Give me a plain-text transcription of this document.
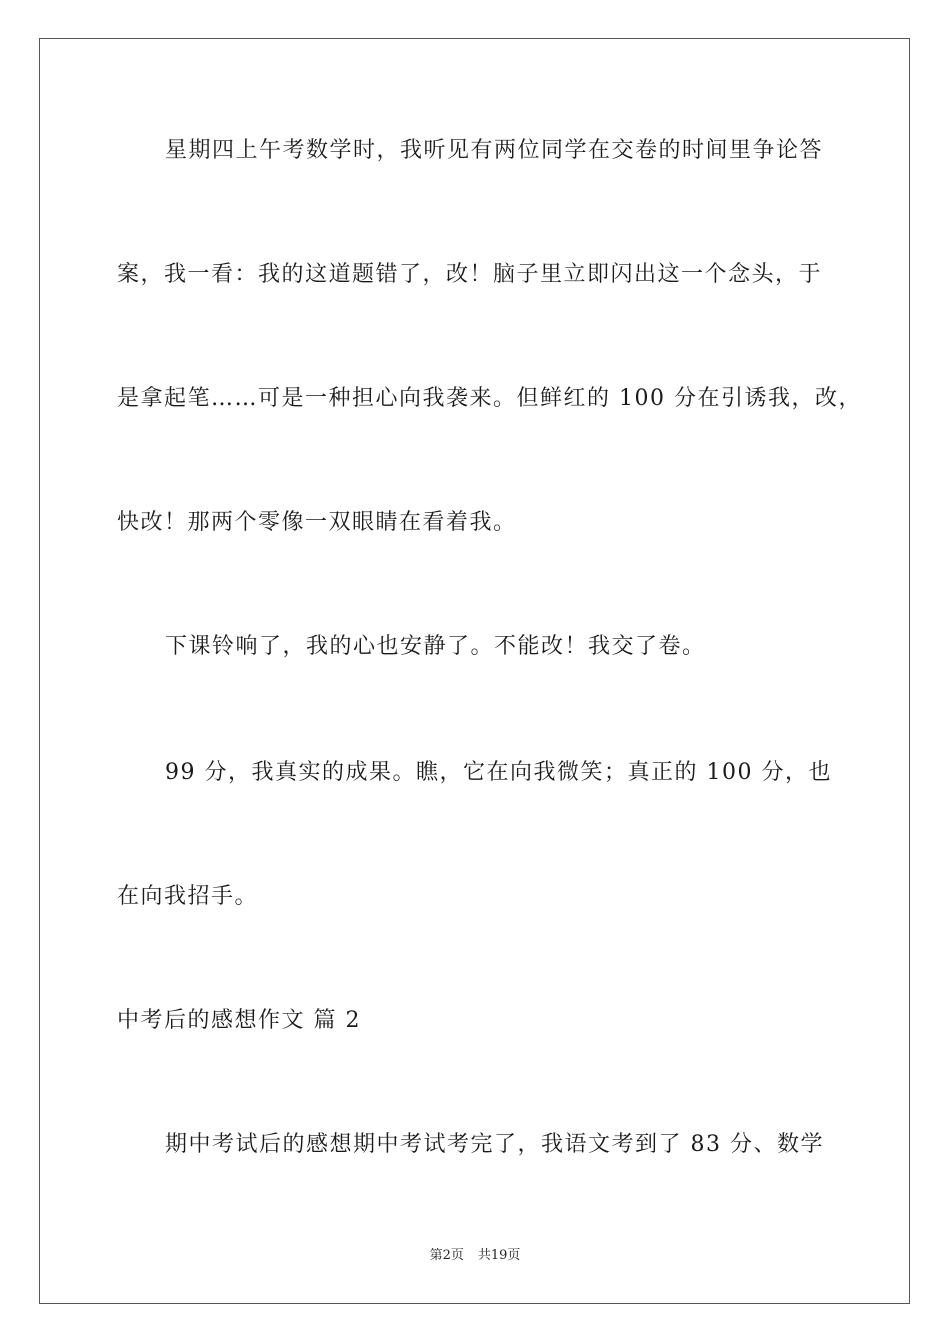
星期四上午考数学时，我听见有两位同学在交卷的时间里争论答
案，我一看：我的这道题错了，改！脑子里立即闪出这一个念头，于
是拿起笔……可是一种担心向我袭来。但鲜红的 100 分在引诱我，改，
快改！那两个零像一双眼睛在看着我。
下课铃响了，我的心也安静了。不能改！我交了卷。
99 分，我真实的成果。瞧，它在向我微笑；真正的 100 分，也
在向我招手。
中考后的感想作文 篇 2
期中考试后的感想期中考试考完了，我语文考到了 83 分、数学
第2页 共19页
